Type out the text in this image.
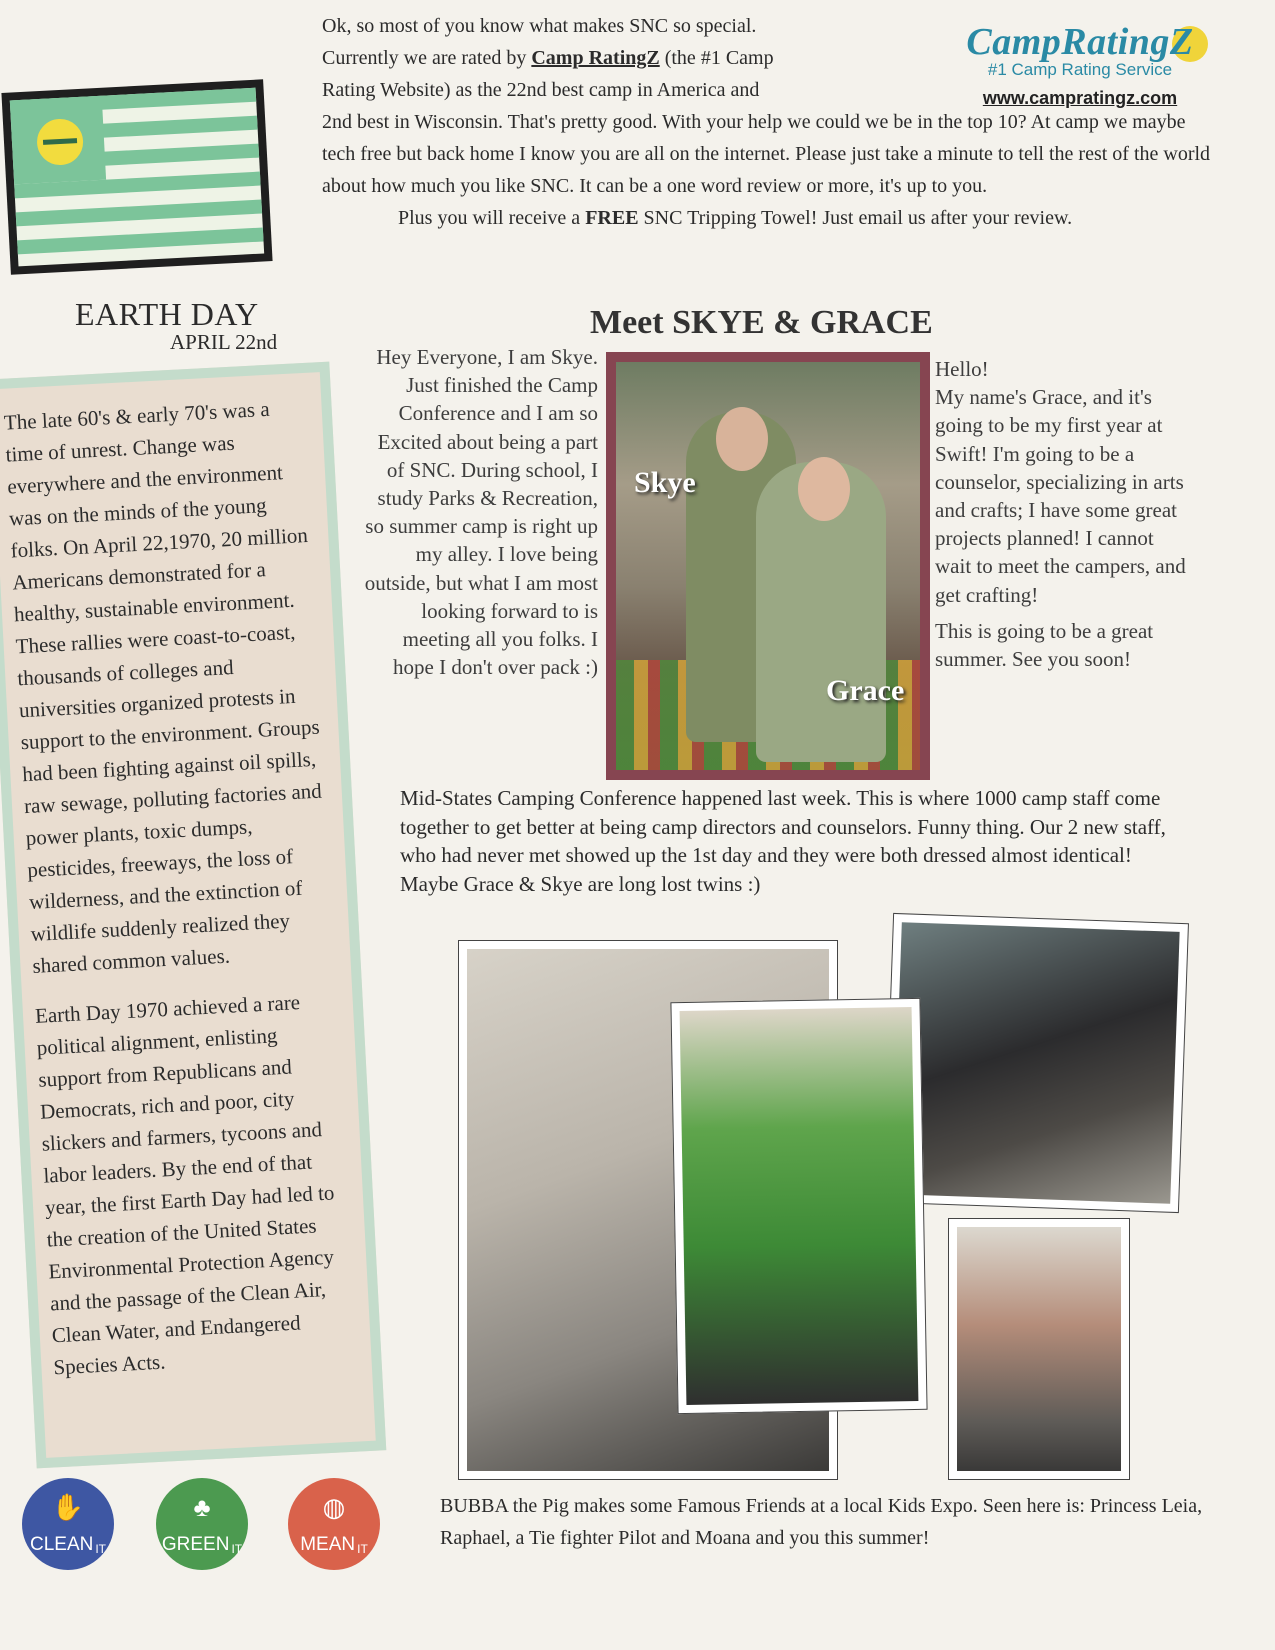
Ok, so most of you know what makes SNC so special.

Currently we are rated by Camp RatingZ (the #1 Camp

Rating Website) as the 22nd best camp in America and

2nd best in Wisconsin. That's pretty good. With your help we could we be in the top 10? At camp we maybe tech free but back home I know you are all on the internet. Please just take a minute to tell the rest of the world about how much you like SNC. It can be a one word review or more, it's up to you.

Plus you will receive a FREE SNC Tripping Towel! Just email us after your review.

CampRatingZ
#1 Camp Rating Service
www.campratingz.com
EARTH DAY
APRIL 22nd

The late 60's & early 70's was a time of unrest. Change was everywhere and the environment was on the minds of the young folks. On April 22,1970, 20 million Americans demonstrated for a healthy, sustainable environment. These rallies were coast-to-coast, thousands of colleges and universities organized protests in support to the environment. Groups had been fighting against oil spills, raw sewage, polluting factories and power plants, toxic dumps, pesticides, freeways, the loss of wilderness, and the extinction of wildlife suddenly realized they shared common values.

Earth Day 1970 achieved a rare political alignment, enlisting support from Republicans and Democrats, rich and poor, city slickers and farmers, tycoons and labor leaders. By the end of that year, the first Earth Day had led to the creation of the United States Environmental Protection Agency and the passage of the Clean Air, Clean Water, and Endangered Species Acts.

✋
CLEAN IT
♣
GREEN IT
◍
MEAN IT
Meet SKYE & GRACE
Hey Everyone, I am Skye. Just finished the Camp Conference and I am so Excited about being a part of SNC. During school, I study Parks & Recreation, so summer camp is right up my alley. I love being outside, but what I am most looking forward to is meeting all you folks. I hope I don't over pack :)
Skye
Grace

Hello!

My name's Grace, and it's going to be my first year at Swift! I'm going to be a counselor, specializing in arts and crafts; I have some great projects planned! I cannot wait to meet the campers, and get crafting!

This is going to be a great summer. See you soon!

Mid-States Camping Conference happened last week. This is where 1000 camp staff come together to get better at being camp directors and counselors. Funny thing. Our 2 new staff, who had never met showed up the 1st day and they were both dressed almost identical! Maybe Grace & Skye are long lost twins :)
BUBBA the Pig makes some Famous Friends at a local Kids Expo. Seen here is: Princess Leia, Raphael, a Tie fighter Pilot and Moana and you this summer!
